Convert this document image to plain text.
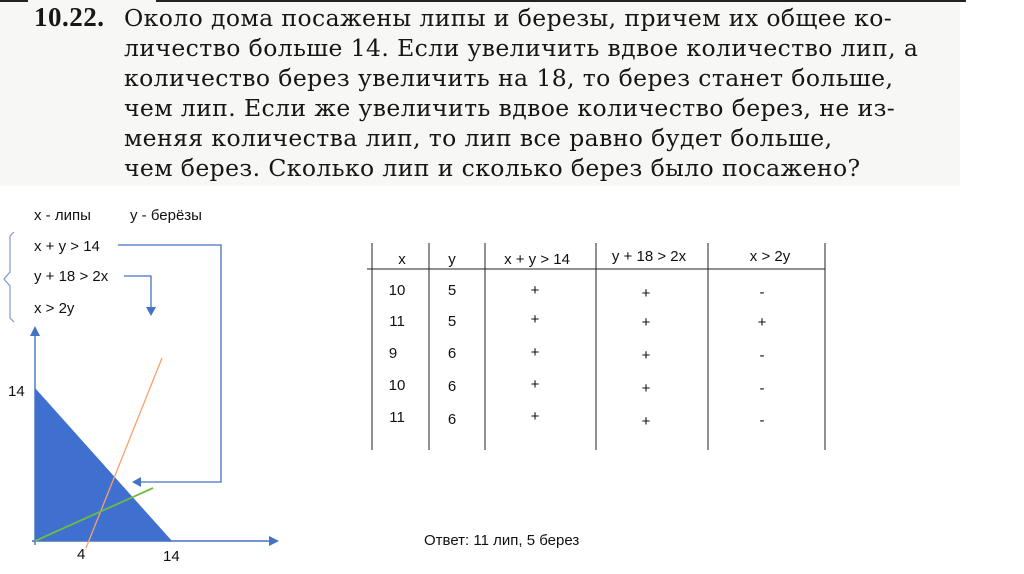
10.22. Около дома посажены липы и березы, причем их общее ко-
личество больше 14. Если увеличить вдвое количество лип, а
количество берез увеличить на 18, то берез станет больше,
чем лип. Если же увеличить вдвое количество берез, не из-
меняя количества лип, то лип все равно будет больше,
чем берез. Сколько лип и сколько берез было посажено?
x - липы	y - берёзы
x + y > 14
y + 18 > 2x
x > 2y
14
4	14
x	y	x + y > 14	y + 18 > 2x	x > 2y
10	5	+	+	-
11	5	+	+	+
9	6	+	+	-
10	6	+	+	-
11	6	+	+	-
Ответ: 11 лип, 5 берез
